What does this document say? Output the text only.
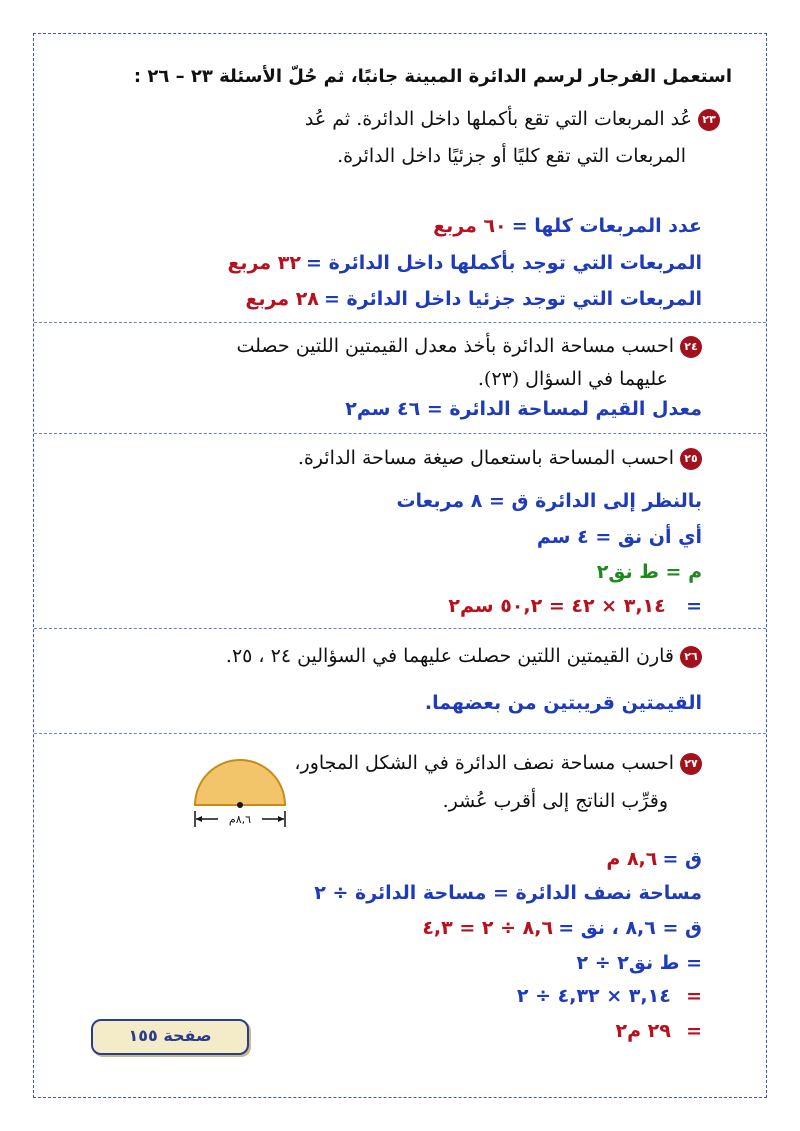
استعمل الفرجار لرسم الدائرة المبينة جانبًا، ثم حُلّ الأسئلة ٢٣ – ٢٦ :
٢٣عُد المربعات التي تقع بأكملها داخل الدائرة. ثم عُد
المربعات التي تقع كليًا أو جزئيًا داخل الدائرة.
عدد المربعات كلها = ٦٠ مربع
المربعات التي توجد بأكملها داخل الدائرة = ٣٢ مربع
المربعات التي توجد جزئيا داخل الدائرة = ٢٨ مربع
٢٤احسب مساحة الدائرة بأخذ معدل القيمتين اللتين حصلت
عليهما في السؤال (٢٣).
معدل القيم لمساحة الدائرة = ٤٦ سم٢
٢٥احسب المساحة باستعمال صيغة مساحة الدائرة.
بالنظر إلى الدائرة ق = ٨ مربعات
أي أن نق = ٤ سم
م = ط نق٢
=    ٣,١٤ × ٤٢ = ٥٠,٢ سم٢
٢٦قارن القيمتين اللتين حصلت عليهما في السؤالين ٢٤ ، ٢٥.
القيمتين قريبتين من بعضهما.
٢٧احسب مساحة نصف الدائرة في الشكل المجاور،
وقرِّب الناتج إلى أقرب عُشر.
٨,٦م
ق = ٨,٦ م
مساحة نصف الدائرة = مساحة الدائرة ÷ ٢
ق = ٨,٦ ، نق = ٨,٦ ÷ ٢ = ٤,٣
= ط نق٢ ÷ ٢
=   ٣,١٤ × ٤,٣٢ ÷ ٢
=   ٢٩ م٢
صفحة ١٥٥
